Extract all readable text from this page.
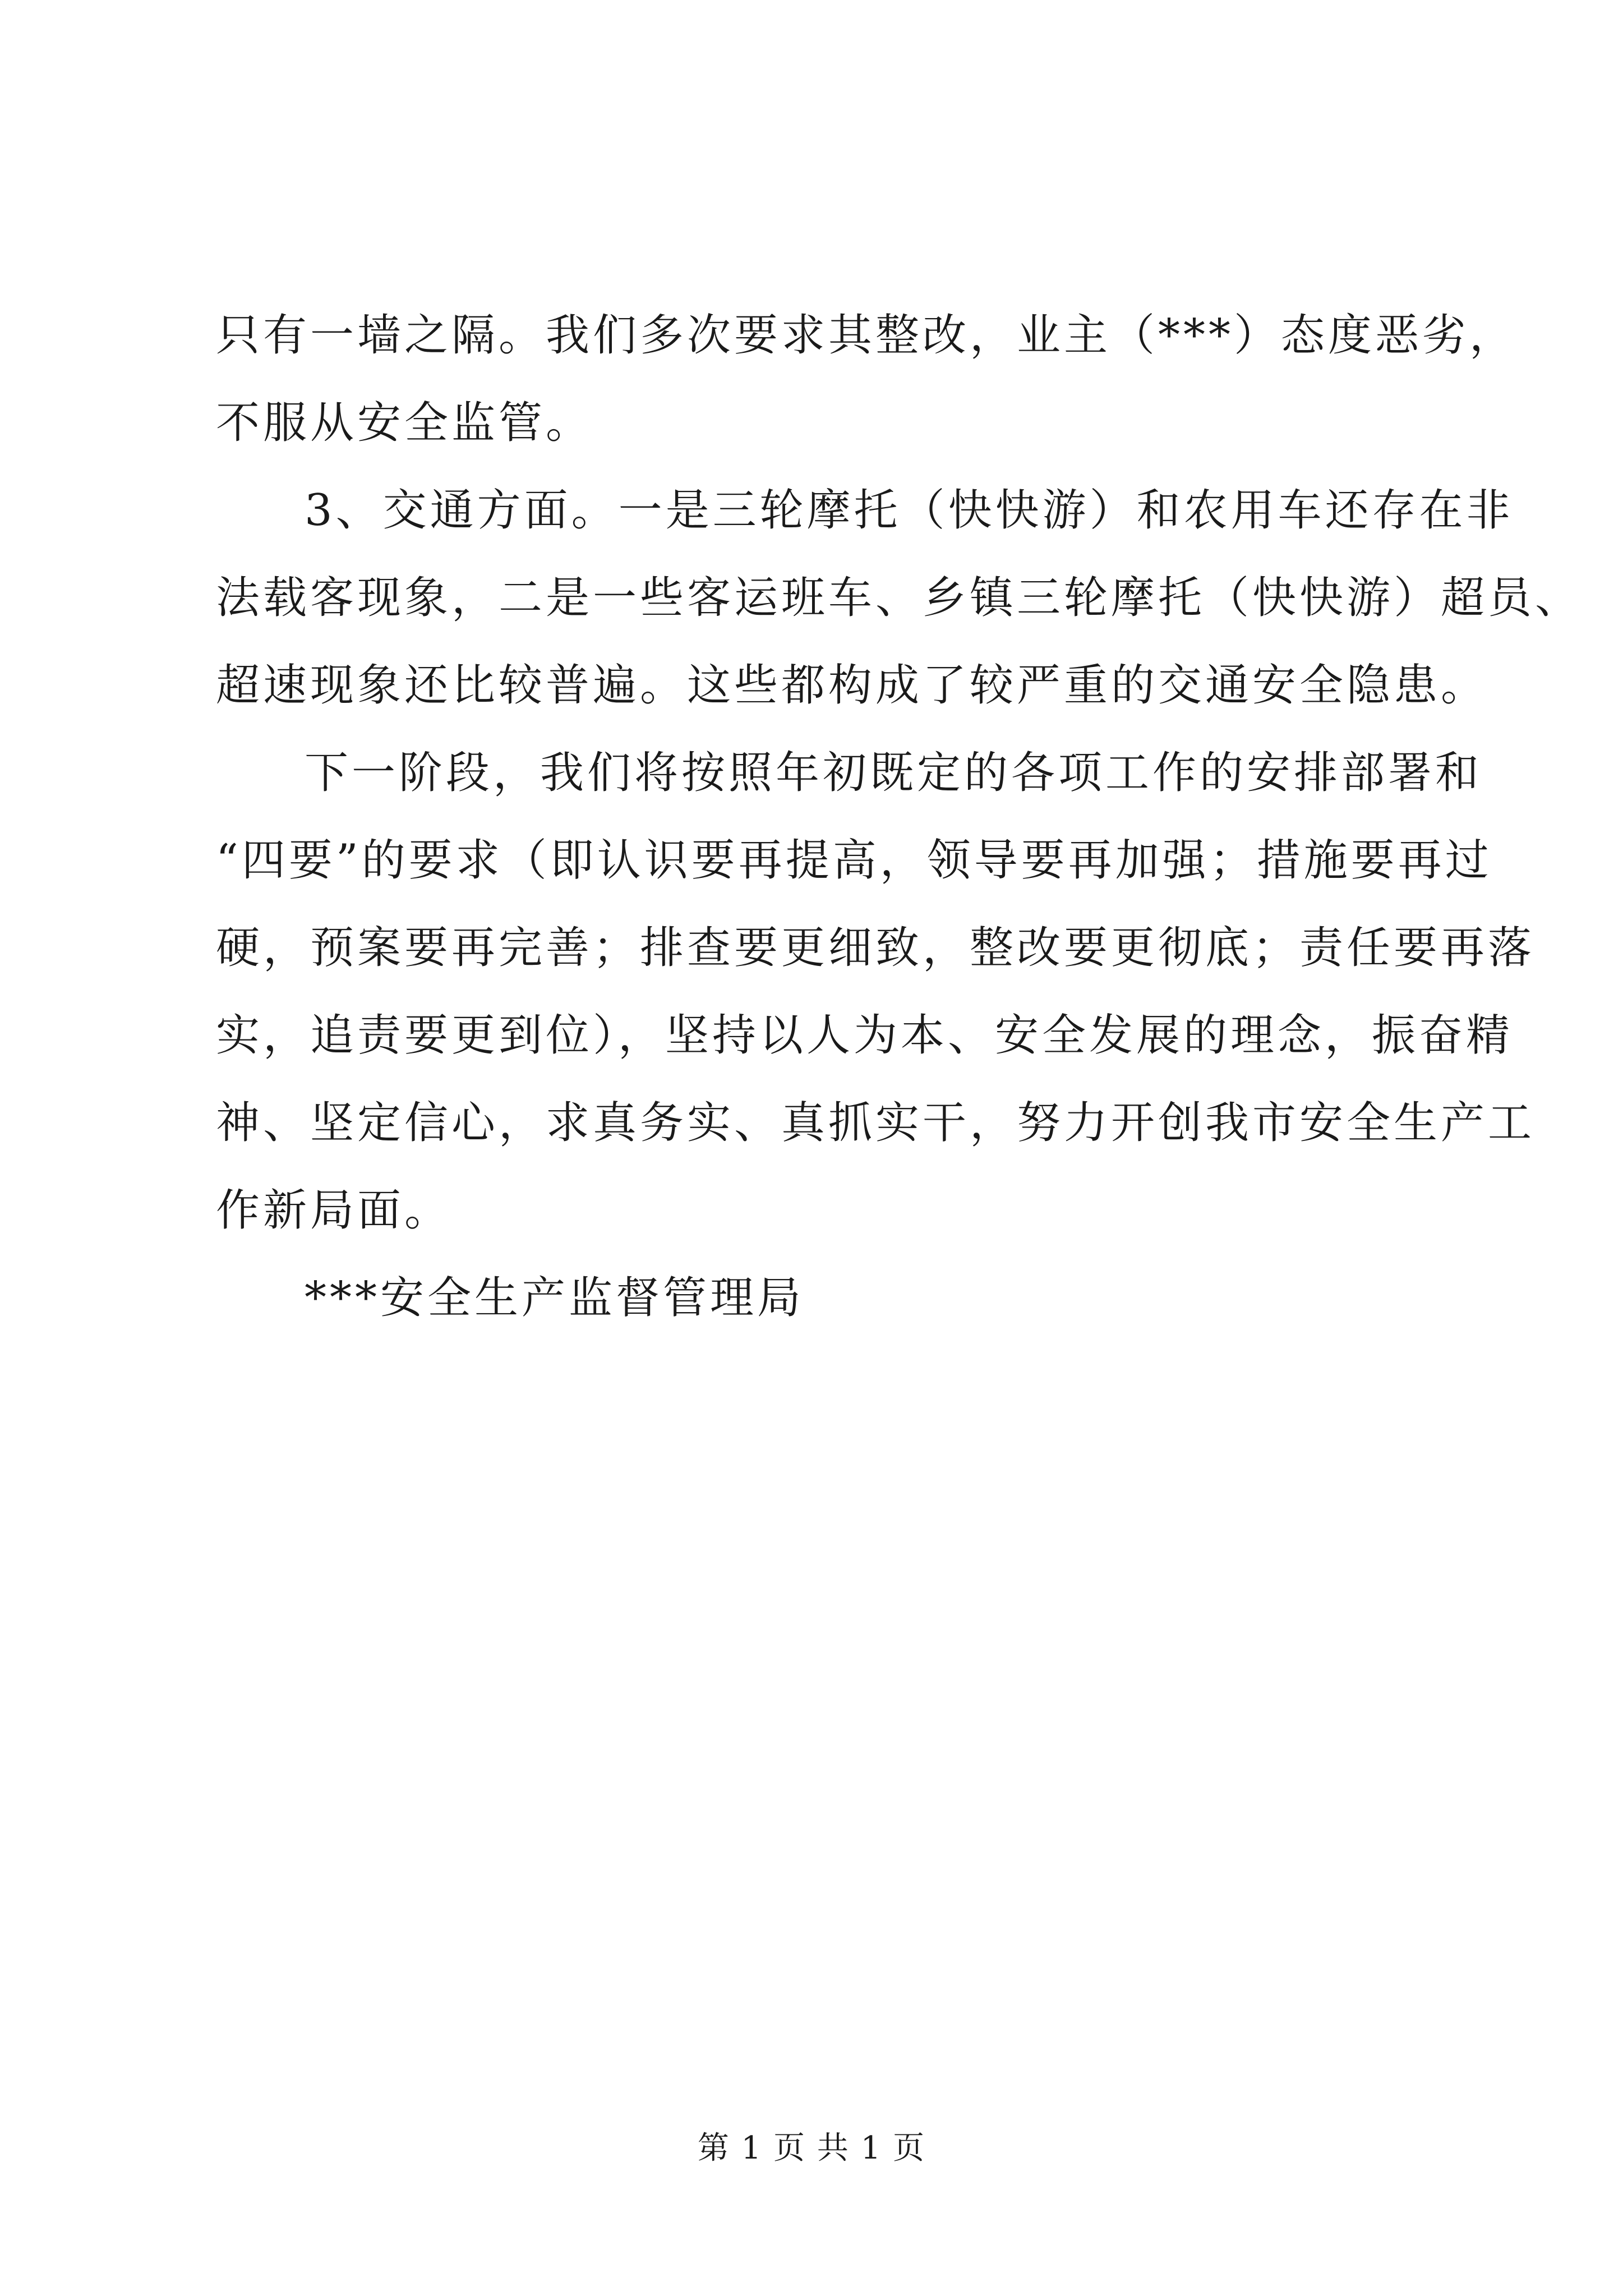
只有一墙之隔。我们多次要求其整改，业主（***）态度恶劣，
不服从安全监管。
3、交通方面。一是三轮摩托（快快游）和农用车还存在非
法载客现象，二是一些客运班车、乡镇三轮摩托（快快游）超员、
超速现象还比较普遍。这些都构成了较严重的交通安全隐患。
下一阶段，我们将按照年初既定的各项工作的安排部署和
“四要”的要求（即认识要再提高，领导要再加强；措施要再过
硬，预案要再完善；排查要更细致，整改要更彻底；责任要再落
实，追责要更到位），坚持以人为本、安全发展的理念，振奋精
神、坚定信心，求真务实、真抓实干，努力开创我市安全生产工
作新局面。
***安全生产监督管理局
第 1 页 共 1 页
